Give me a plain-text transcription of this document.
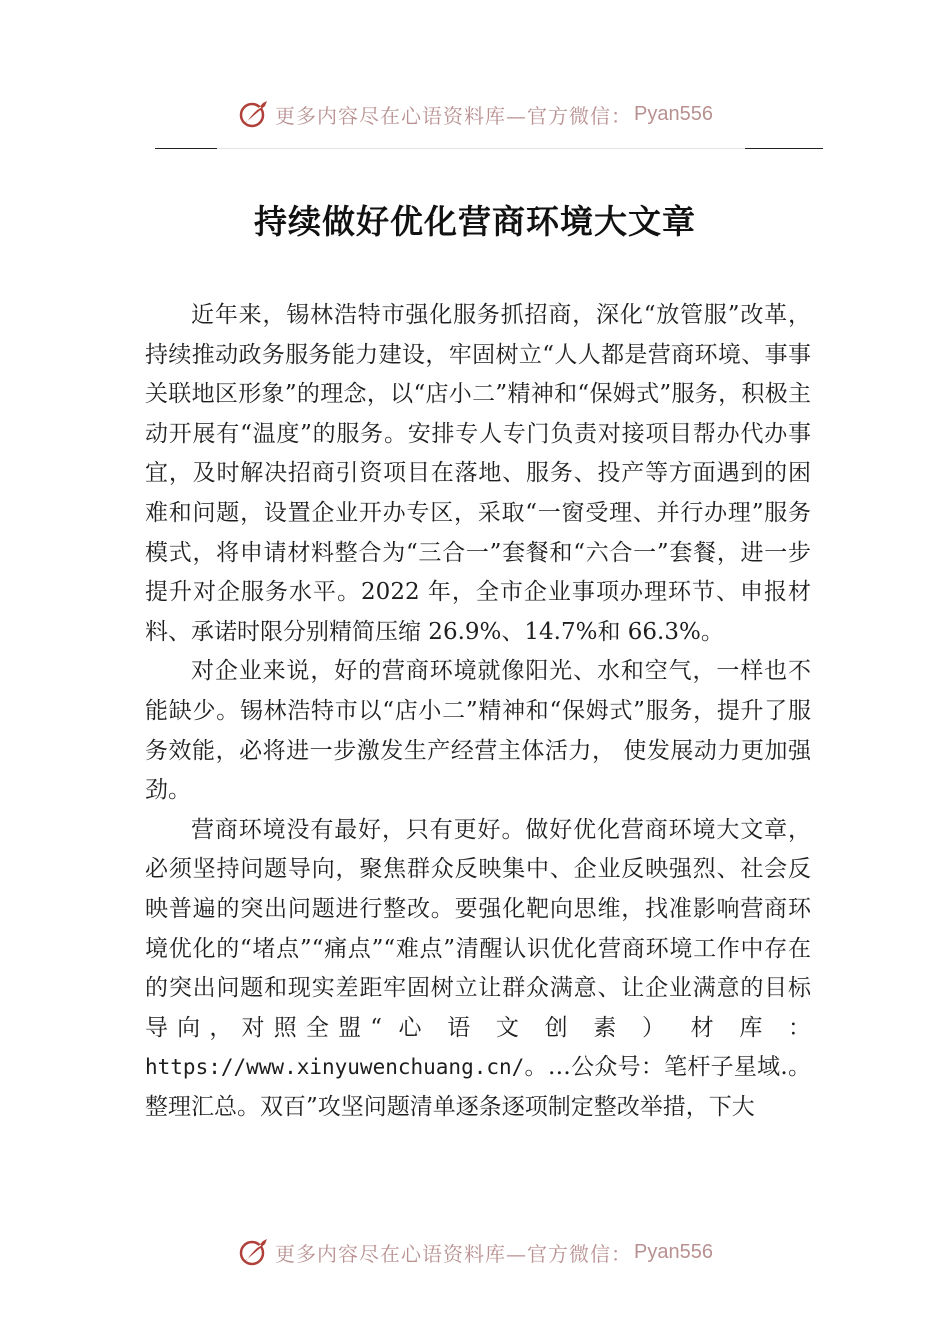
更多内容尽在心语资料库—官方微信： Pyan556
持续做好优化营商环境大文章

近年来，锡林浩特市强化服务抓招商，深化“放管服”改革，持续推动政务服务能力建设，牢固树立“人人都是营商环境、事事关联地区形象”的理念，以“店小二”精神和“保姆式”服务，积极主动开展有“温度”的服务。安排专人专门负责对接项目帮办代办事宜，及时解决招商引资项目在落地、服务、投产等方面遇到的困难和问题，设置企业开办专区，采取“一窗受理、并行办理”服务模式，将申请材料整合为“三合一”套餐和“六合一”套餐，进一步提升对企服务水平。2022 年，全市企业事项办理环节、申报材料、承诺时限分别精简压缩 26.9%、14.7%和 66.3%。

对企业来说，好的营商环境就像阳光、水和空气，一样也不能缺少。锡林浩特市以“店小二”精神和“保姆式”服务，提升了服务效能，必将进一步激发生产经营主体活力， 使发展动力更加强劲。

营商环境没有最好，只有更好。做好优化营商环境大文章，必须坚持问题导向，聚焦群众反映集中、企业反映强烈、社会反映普遍的突出问题进行整改。要强化靶向思维，找准影响营商环境优化的“堵点”“痛点”“难点”清醒认识优化营商环境工作中存在的突出问题和现实差距牢固树立让群众满意、让企业满意的目标导向，对照全盟“ 心 语 文 创 素 ） 材 库 ： https://www.xinyuwenchuang.cn/。…公众号：笔杆子星域.。整理汇总。双百”攻坚问题清单逐条逐项制定整改举措，下大

更多内容尽在心语资料库—官方微信： Pyan556
